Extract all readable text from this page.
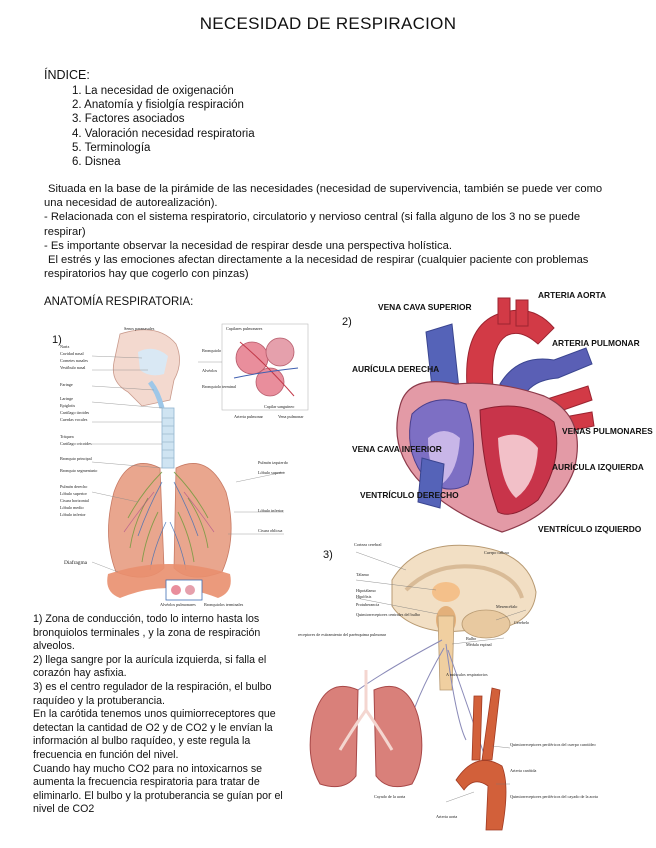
NECESIDAD DE RESPIRACION
ÍNDICE:
1. La necesidad de oxigenación
2. Anatomía y fisiolgía respiración
3. Factores asociados
4. Valoración necesidad respiratoria
5. Terminología
6. Disnea

Situada en la base de la pirámide de las necesidades (necesidad de supervivencia, también se puede ver como una necesidad de autorealización).

- Relacionada con el sistema respiratorio, circulatorio y nervioso central (si falla alguno de los 3 no se puede respirar)

- Es importante observar la necesidad de respirar desde una perspectiva holística.

El estrés y las emociones afectan directamente a la necesidad de respirar (cualquier paciente con problemas respiratorios hay que cogerlo con pinzas)

ANATOMÍA RESPIRATORIA:
1)
2)
3)
Nariz
Cavidad nasal
Cornetes nasales
Vestíbulo nasal
Faringe
Laringe
Epiglotis
Cartílago tiroides
Cuerdas vocales
Tráquea
Cartílago cricoides
Bronquio principal
Bronquio segmentario
Pulmón derecho
Lóbulo superior
Cisura horizontal
Lóbulo medio
Lóbulo inferior
Diafragma
Capilares pulmonares
Bronquiolo
Alvéolos
Bronquiolo terminal
Arteria pulmonar	Vena pulmonar
Pulmón izquierdo
Lóbulo superior
Lóbulo inferior
Cisura oblicua
Senos paranasales
Capilar sanguíneo
Alvéolos pulmonares Bronquiolos terminales
VENA CAVA SUPERIOR
ARTERIA AORTA
ARTERIA PULMONAR
AURÍCULA DERECHA
VENAS PULMONARES
VENA CAVA INFERIOR
AURÍCULA IZQUIERDA
VENTRÍCULO DERECHO
VENTRÍCULO IZQUIERDO
Corteza cerebral
Cuerpo calloso
Tálamo
Hipotálamo
Hipófisis
Protuberancia
Quimiorreceptores centrales del bulbo
Mesencéfalo
Cerebelo
Bulbo
Médula espinal
A músculos respiratorios
receptores de estiramiento del parénquima pulmonar
Quimiorreceptores periféricos del cuerpo carotídeo
Arteria carótida
Cayado de la aorta	Quimiorreceptores periféricos del cayado de la aorta
Arteria aorta

1) Zona de conducción, todo lo interno hasta los bronquiolos terminales , y la zona de respiración alveolos.

2) llega sangre por la aurícula izquierda, si falla el corazón hay asfixia.

3) es el centro regulador de la respiración, el bulbo raquídeo y la protuberancia.

En la carótida tenemos unos quimiorreceptores que detectan la cantidad de O2 y de CO2 y le envían la información al bulbo raquídeo, y este regula la frecuencia en función del nivel.

Cuando hay mucho CO2 para no intoxicarnos se aumenta la frecuencia respiratoria para tratar de eliminarlo. El bulbo y la protuberancia se guían por el nivel de CO2
